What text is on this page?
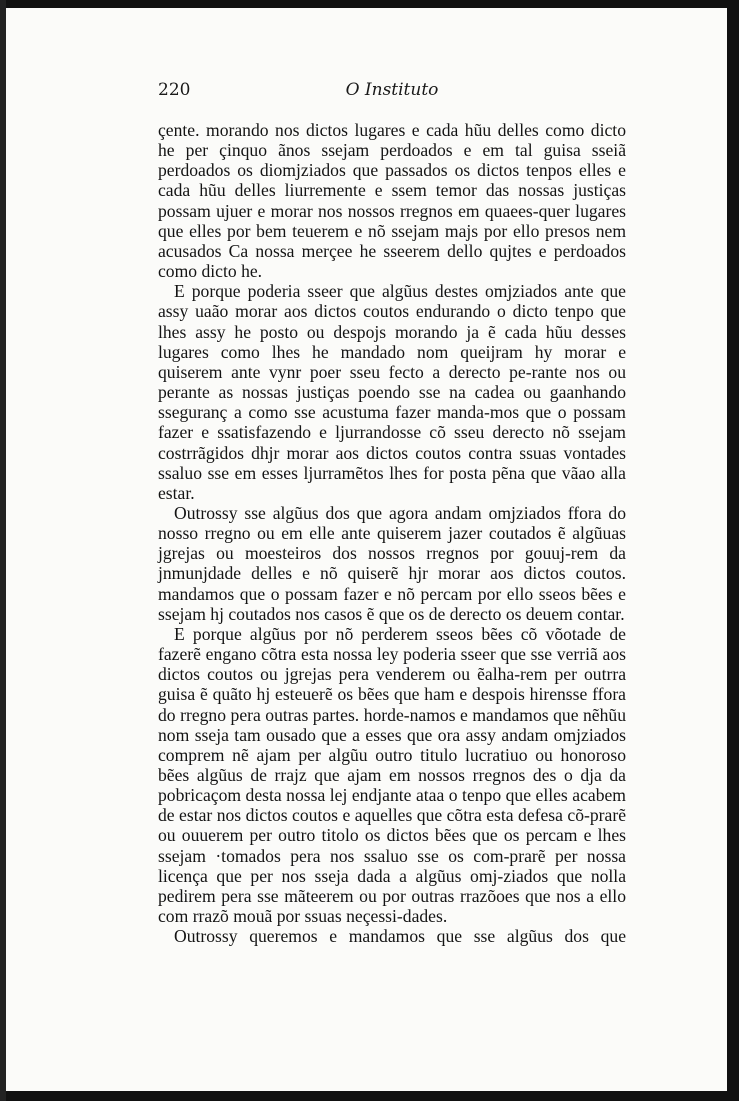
220	O Instituto

çente. morando nos dictos lugares e cada hũu delles como dicto he per çinquo ãnos ssejam perdoados e em tal guisa sseiã perdoados os diomjziados que passados os dictos tenpos elles e cada hũu delles liurremente e ssem temor das nossas justiças possam ujuer e morar nos nossos rregnos em quaees-quer lugares que elles por bem teuerem e nõ ssejam majs por ello presos nem acusados Ca nossa merçee he sseerem dello qujtes e perdoados como dicto he.

E porque poderia sseer que algũus destes omjziados ante que assy uaão morar aos dictos coutos endurando o dicto tenpo que lhes assy he posto ou despojs morando ja ẽ cada hũu desses lugares como lhes he mandado nom queijram hy morar e quiserem ante vynr poer sseu fecto a derecto pe-rante nos ou perante as nossas justiças poendo sse na cadea ou gaanhando sseguranç a como sse acustuma fazer manda-mos que o possam fazer e ssatisfazendo e ljurrandosse cõ sseu derecto nõ ssejam costrrãgidos dhjr morar aos dictos coutos contra ssuas vontades ssaluo sse em esses ljurramẽtos lhes for posta pẽna que vãao alla estar.

Outrossy sse algũus dos que agora andam omjziados ffora do nosso rregno ou em elle ante quiserem jazer coutados ẽ algũuas jgrejas ou moesteiros dos nossos rregnos por gouuj-rem da jnmunjdade delles e nõ quiserẽ hjr morar aos dictos coutos. mandamos que o possam fazer e nõ percam por ello sseos bẽes e ssejam hj coutados nos casos ẽ que os de derecto os deuem contar.

E porque algũus por nõ perderem sseos bẽes cõ võotade de fazerẽ engano cõtra esta nossa ley poderia sseer que sse verriã aos dictos coutos ou jgrejas pera venderem ou ẽalha-rem per outrra guisa ẽ quãto hj esteuerẽ os bẽes que ham e despois hirensse ffora do rregno pera outras partes. horde-namos e mandamos que nẽhũu nom sseja tam ousado que a esses que ora assy andam omjziados comprem nẽ ajam per algũu outro titulo lucratiuo ou honoroso bẽes algũus de rrajz que ajam em nossos rregnos des o dja da pobricaçom desta nossa lej endjante ataa o tenpo que elles acabem de estar nos dictos coutos e aquelles que cõtra esta defesa cõ-prarẽ ou ouuerem per outro titolo os dictos bẽes que os percam e lhes ssejam ·tomados pera nos ssaluo sse os com-prarẽ per nossa licença que per nos sseja dada a algũus omj-ziados que nolla pedirem pera sse mãteerem ou por outras rrazõoes que nos a ello com rrazõ mouã por ssuas neçessi-dades.

Outrossy queremos e mandamos que sse algũus dos que
